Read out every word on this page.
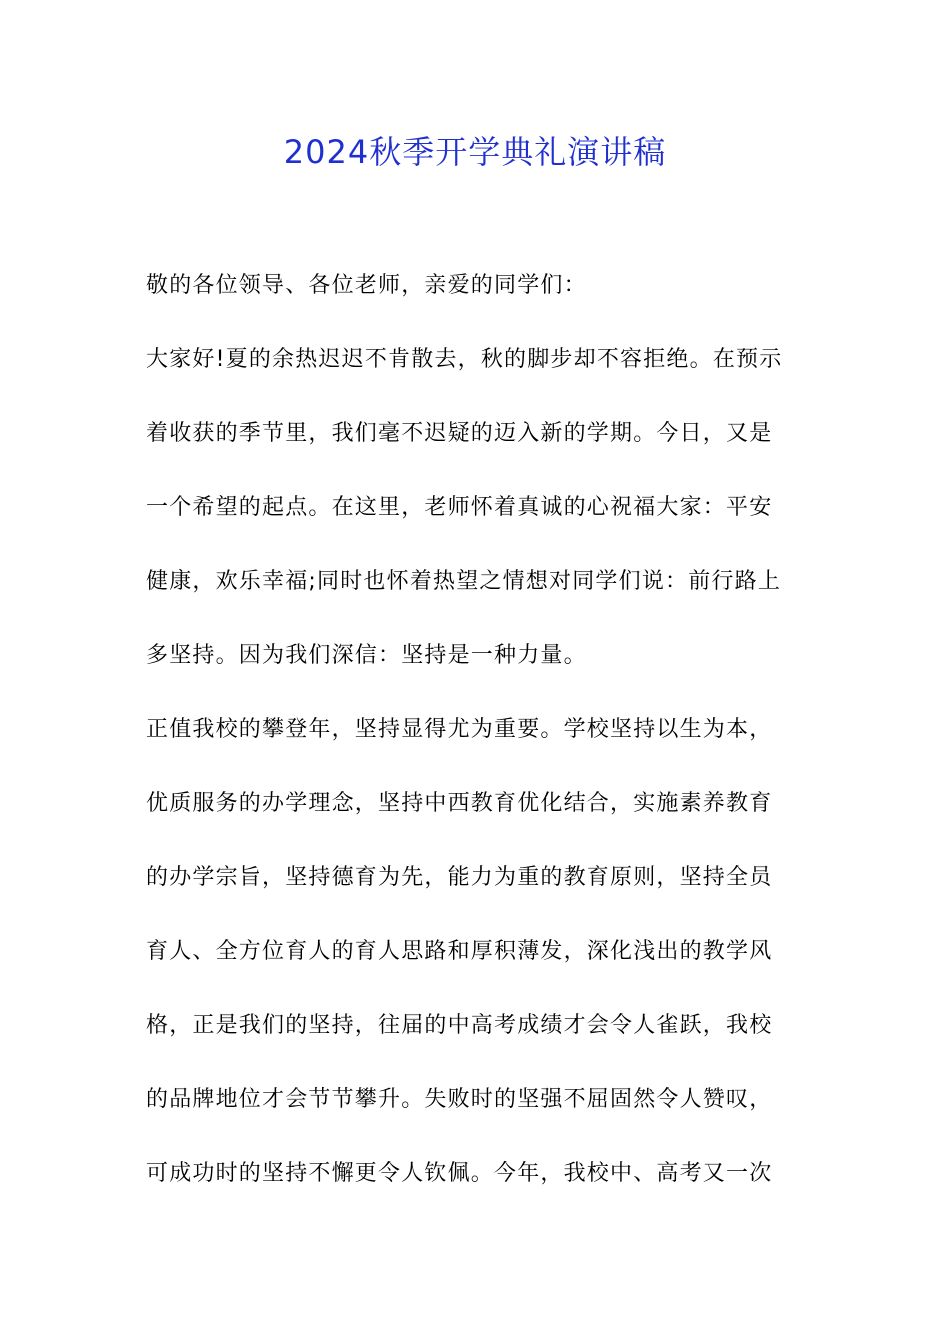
2024秋季开学典礼演讲稿
敬的各位领导、各位老师，亲爱的同学们：
大家好!夏的余热迟迟不肯散去，秋的脚步却不容拒绝。在预示
着收获的季节里，我们毫不迟疑的迈入新的学期。今日，又是
一个希望的起点。在这里，老师怀着真诚的心祝福大家：平安
健康，欢乐幸福;同时也怀着热望之情想对同学们说：前行路上
多坚持。因为我们深信：坚持是一种力量。
正值我校的攀登年，坚持显得尤为重要。学校坚持以生为本，
优质服务的办学理念，坚持中西教育优化结合，实施素养教育
的办学宗旨，坚持德育为先，能力为重的教育原则，坚持全员
育人、全方位育人的育人思路和厚积薄发，深化浅出的教学风
格，正是我们的坚持，往届的中高考成绩才会令人雀跃，我校
的品牌地位才会节节攀升。失败时的坚强不屈固然令人赞叹，
可成功时的坚持不懈更令人钦佩。今年，我校中、高考又一次
